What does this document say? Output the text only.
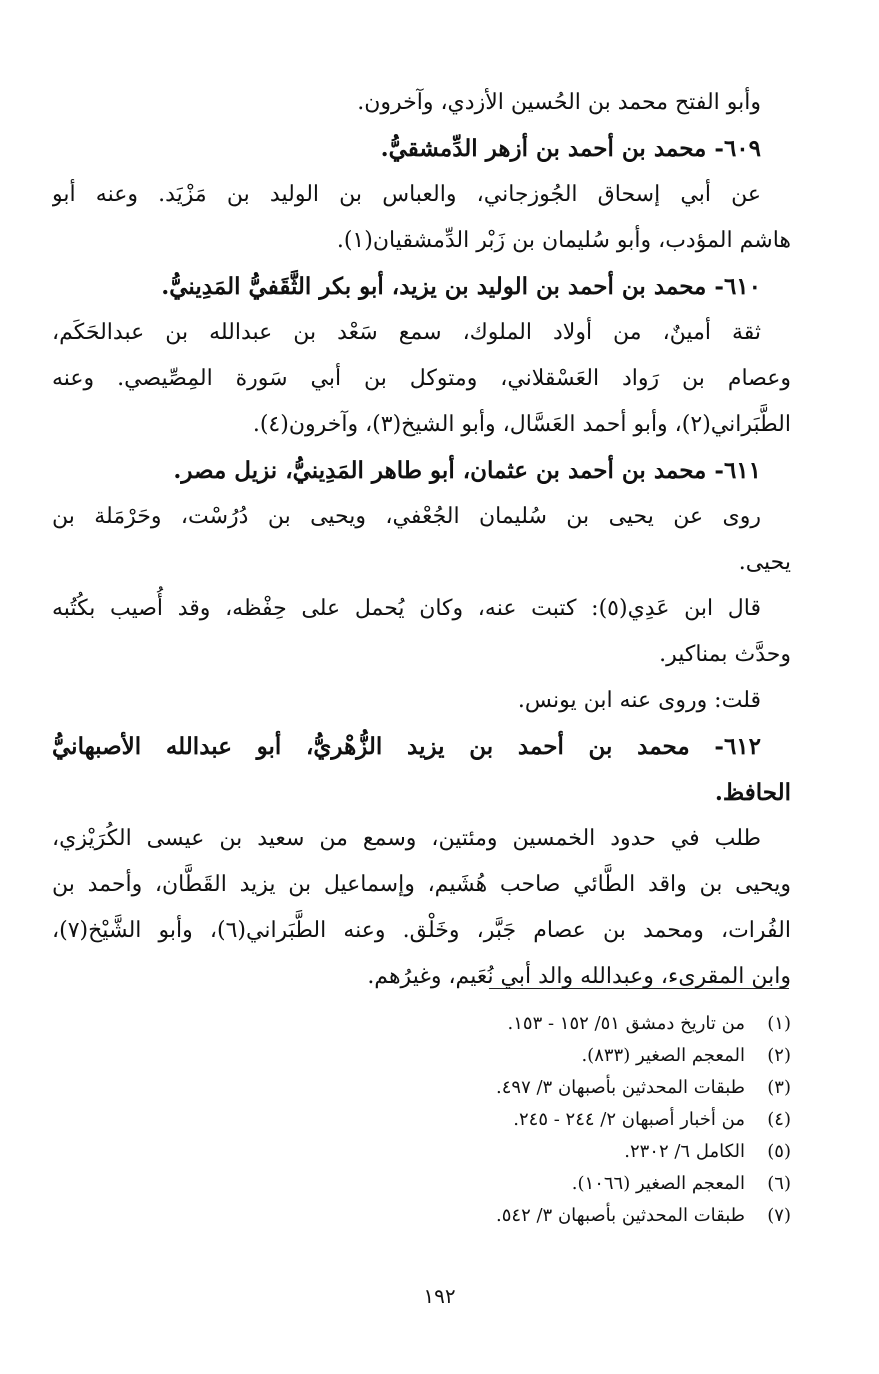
وأبو الفتح محمد بن الحُسين الأزدي، وآخرون.
٦٠٩- محمد بن أحمد بن أزهر الدِّمشقيُّ.
عن أبي إسحاق الجُوزجاني، والعباس بن الوليد بن مَزْيَد. وعنه أبو
هاشم المؤدب، وأبو سُليمان بن زَبْر الدِّمشقيان(١).
٦١٠- محمد بن أحمد بن الوليد بن يزيد، أبو بكر الثَّقَفيُّ المَدِينيُّ.
ثقة أمينٌ، من أولاد الملوك، سمع سَعْد بن عبدالله بن عبدالحَكَم،
وعصام بن رَواد العَسْقلاني، ومتوكل بن أبي سَورة المِصِّيصي. وعنه
الطَّبَراني(٢)، وأبو أحمد العَسَّال، وأبو الشيخ(٣)، وآخرون(٤).
٦١١- محمد بن أحمد بن عثمان، أبو طاهر المَدِينيُّ، نزيل مصر.
روى عن يحيى بن سُليمان الجُعْفي، ويحيى بن دُرُسْت، وحَرْمَلة بن
يحيى.
قال ابن عَدِي(٥): كتبت عنه، وكان يُحمل على حِفْظه، وقد أُصيب بكُتُبه
وحدَّث بمناكير.
قلت: وروى عنه ابن يونس.
٦١٢- محمد بن أحمد بن يزيد الزُّهْريُّ، أبو عبدالله الأصبهانيُّ
الحافظ.
طلب في حدود الخمسين ومئتين، وسمع من سعيد بن عيسى الكُرَيْزي،
ويحيى بن واقد الطَّائي صاحب هُشَيم، وإسماعيل بن يزيد القَطَّان، وأحمد بن
الفُرات، ومحمد بن عصام جَبَّر، وخَلْق. وعنه الطَّبَراني(٦)، وأبو الشَّيْخ(٧)،
وابن المقرىء، وعبدالله والد أبي نُعَيم، وغيرُهم.
(١)من تاريخ دمشق ٥١/ ١٥٢ - ١٥٣.
(٢)المعجم الصغير (٨٣٣).
(٣)طبقات المحدثين بأصبهان ٣/ ٤٩٧.
(٤)من أخبار أصبهان ٢/ ٢٤٤ - ٢٤٥.
(٥)الكامل ٦/ ٢٣٠٢.
(٦)المعجم الصغير (١٠٦٦).
(٧)طبقات المحدثين بأصبهان ٣/ ٥٤٢.
١٩٢
